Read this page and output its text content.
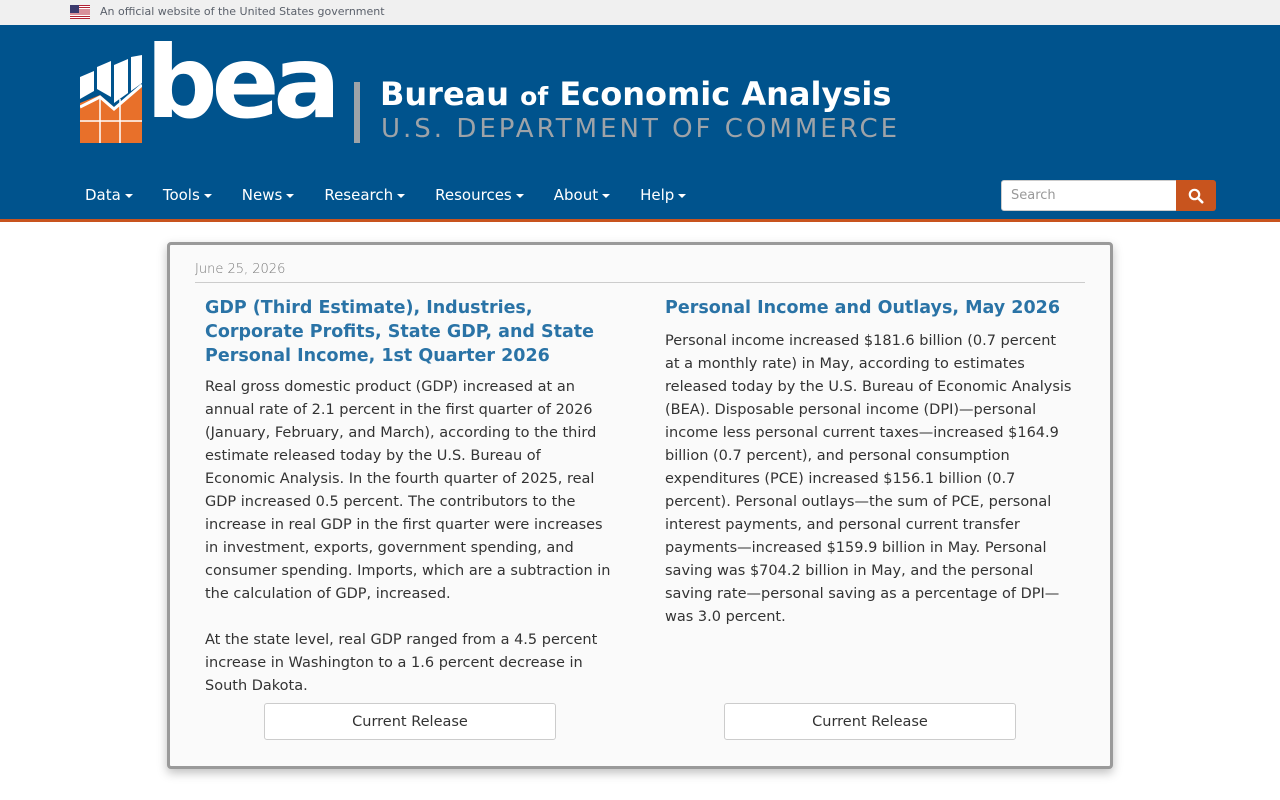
An official website of the United States government
bea Bureau of Economic Analysis
U.S. DEPARTMENT OF COMMERCE
Data	Tools	News	Research	Resources	About	Help
Search
June 25, 2026
GDP (Third Estimate), Industries, Corporate Profits, State GDP, and State Personal Income, 1st Quarter 2026

Real gross domestic product (GDP) increased at an annual rate of 2.1 percent in the first quarter of 2026 (January, February, and March), according to the third estimate released today by the U.S. Bureau of Economic Analysis. In the fourth quarter of 2025, real GDP increased 0.5 percent. The contributors to the increase in real GDP in the first quarter were increases in investment, exports, government spending, and consumer spending. Imports, which are a subtraction in the calculation of GDP, increased.

At the state level, real GDP ranged from a 4.5 percent increase in Washington to a 1.6 percent decrease in South Dakota.

Current Release
Personal Income and Outlays, May 2026

Personal income increased $181.6 billion (0.7 percent at a monthly rate) in May, according to estimates released today by the U.S. Bureau of Economic Analysis (BEA). Disposable personal income (DPI)—personal income less personal current taxes—increased $164.9 billion (0.7 percent), and personal consumption expenditures (PCE) increased $156.1 billion (0.7 percent). Personal outlays—the sum of PCE, personal interest payments, and personal current transfer payments—increased $159.9 billion in May. Personal saving was $704.2 billion in May, and the personal saving rate—personal saving as a percentage of DPI—was 3.0 percent.

Current Release
